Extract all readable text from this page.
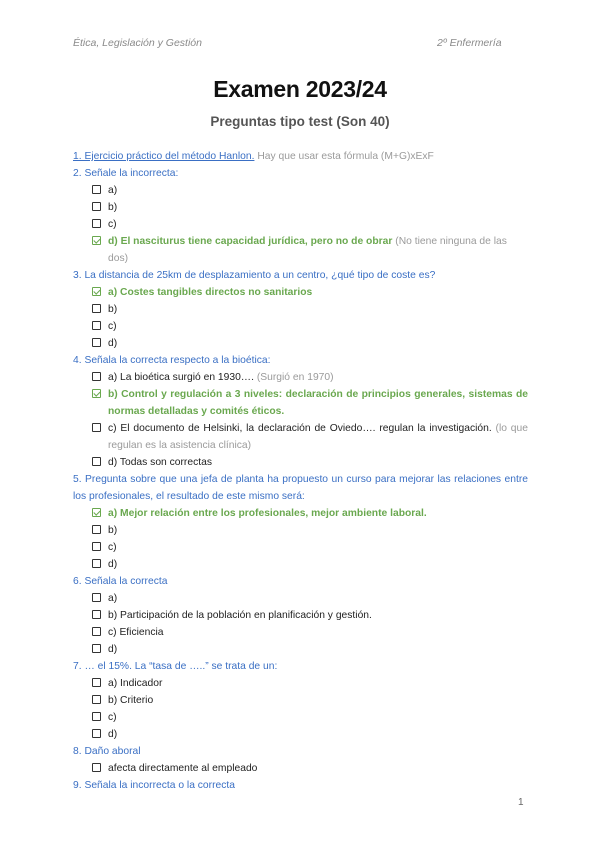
Ética, Legislación y Gestión	2º Enfermería
Examen 2023/24
Preguntas tipo test (Son 40)
1. Ejercicio práctico del método Hanlon. Hay que usar esta fórmula (M+G)xExF
2. Señale la incorrecta:
a)
b)
c)
d) El nasciturus tiene capacidad jurídica, pero no de obrar (No tiene ninguna de las dos)
3. La distancia de 25km de desplazamiento a un centro, ¿qué tipo de coste es?
a) Costes tangibles directos no sanitarios
b)
c)
d)
4. Señala la correcta respecto a la bioética:
a) La bioética surgió en 1930…. (Surgió en 1970)
b) Control y regulación a 3 niveles: declaración de principios generales, sistemas de normas detalladas y comités éticos.
c) El documento de Helsinki, la declaración de Oviedo…. regulan la investigación. (lo que regulan es la asistencia clínica)
d) Todas son correctas
5. Pregunta sobre que una jefa de planta ha propuesto un curso para mejorar las relaciones entre los profesionales, el resultado de este mismo será:
a) Mejor relación entre los profesionales, mejor ambiente laboral.
b)
c)
d)
6. Señala la correcta
a)
b) Participación de la población en planificación y gestión.
c) Eficiencia
d)
7. … el 15%. La “tasa de …..” se trata de un:
a) Indicador
b) Criterio
c)
d)
8. Daño aboral
afecta directamente al empleado
9. Señala la incorrecta o la correcta
1
